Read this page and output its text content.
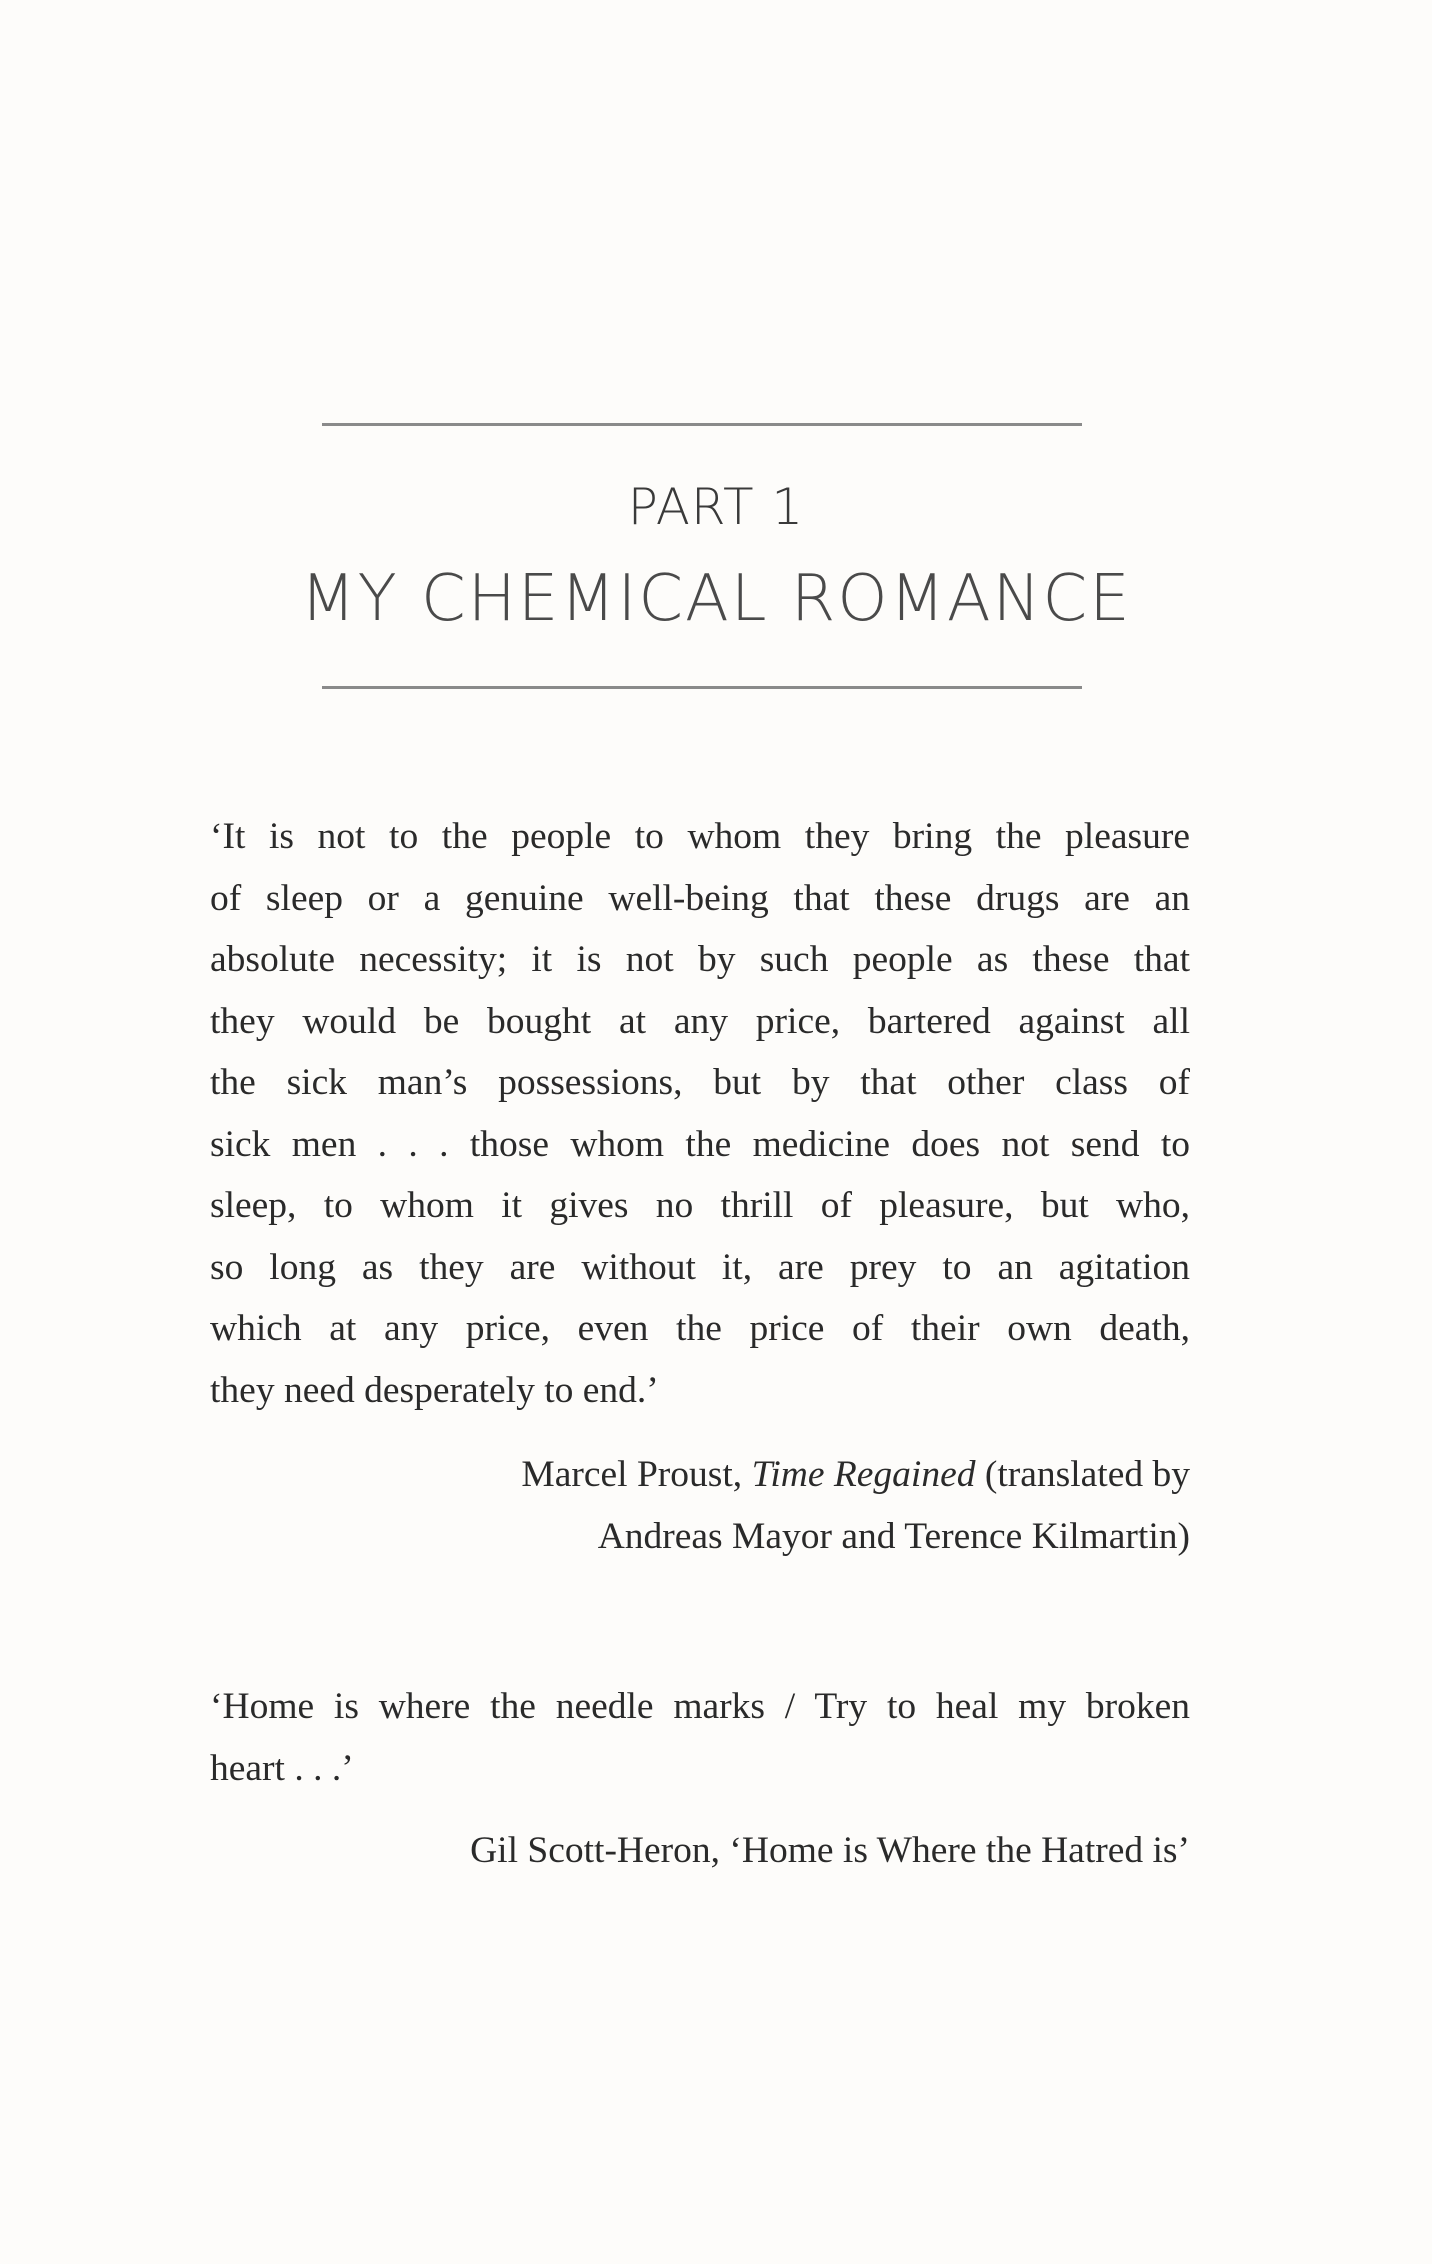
PART 1
MY CHEMICAL ROMANCE
‘It is not to the people to whom they bring the pleasure
of sleep or a genuine well-being that these drugs are an
absolute necessity; it is not by such people as these that
they would be bought at any price, bartered against all
the sick man’s possessions, but by that other class of
sick men . . . those whom the medicine does not send to
sleep, to whom it gives no thrill of pleasure, but who,
so long as they are without it, are prey to an agitation
which at any price, even the price of their own death,
they need desperately to end.’
Marcel Proust, Time Regained (translated by
Andreas Mayor and Terence Kilmartin)
‘Home is where the needle marks / Try to heal my broken
heart . . .’
Gil Scott-Heron, ‘Home is Where the Hatred is’
